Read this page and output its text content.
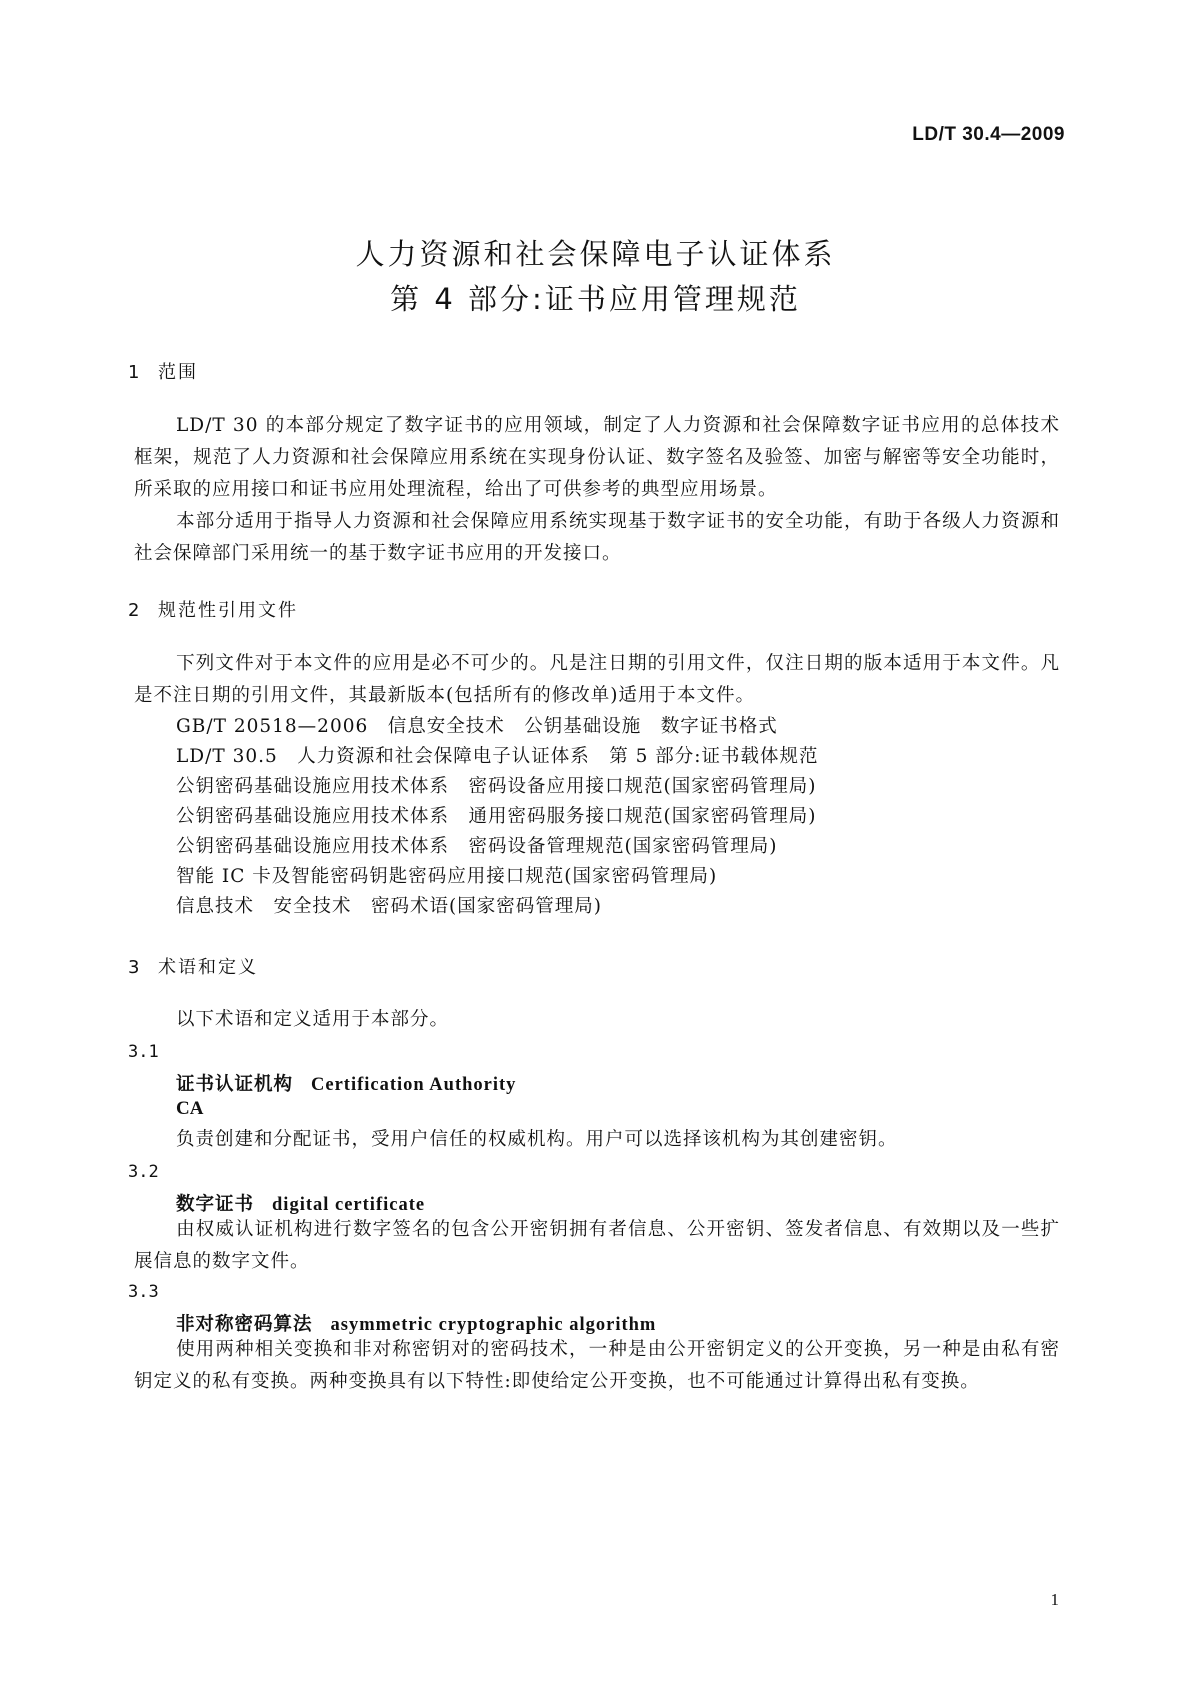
LD/T 30.4—2009
人力资源和社会保障电子认证体系
第 4 部分:证书应用管理规范
1 范围
LD/T 30 的本部分规定了数字证书的应用领域，制定了人力资源和社会保障数字证书应用的总体技术框架，规范了人力资源和社会保障应用系统在实现身份认证、数字签名及验签、加密与解密等安全功能时，所采取的应用接口和证书应用处理流程，给出了可供参考的典型应用场景。
本部分适用于指导人力资源和社会保障应用系统实现基于数字证书的安全功能，有助于各级人力资源和社会保障部门采用统一的基于数字证书应用的开发接口。
2 规范性引用文件
下列文件对于本文件的应用是必不可少的。凡是注日期的引用文件，仅注日期的版本适用于本文件。凡是不注日期的引用文件，其最新版本(包括所有的修改单)适用于本文件。
GB/T 20518—2006　信息安全技术　公钥基础设施　数字证书格式
LD/T 30.5　人力资源和社会保障电子认证体系　第 5 部分:证书载体规范
公钥密码基础设施应用技术体系　密码设备应用接口规范(国家密码管理局)
公钥密码基础设施应用技术体系　通用密码服务接口规范(国家密码管理局)
公钥密码基础设施应用技术体系　密码设备管理规范(国家密码管理局)
智能 IC 卡及智能密码钥匙密码应用接口规范(国家密码管理局)
信息技术　安全技术　密码术语(国家密码管理局)
3 术语和定义
以下术语和定义适用于本部分。
3.1
证书认证机构 Certification Authority
CA
负责创建和分配证书，受用户信任的权威机构。用户可以选择该机构为其创建密钥。
3.2
数字证书 digital certificate
由权威认证机构进行数字签名的包含公开密钥拥有者信息、公开密钥、签发者信息、有效期以及一些扩展信息的数字文件。
3.3
非对称密码算法 asymmetric cryptographic algorithm
使用两种相关变换和非对称密钥对的密码技术，一种是由公开密钥定义的公开变换，另一种是由私有密钥定义的私有变换。两种变换具有以下特性:即使给定公开变换，也不可能通过计算得出私有变换。
1
